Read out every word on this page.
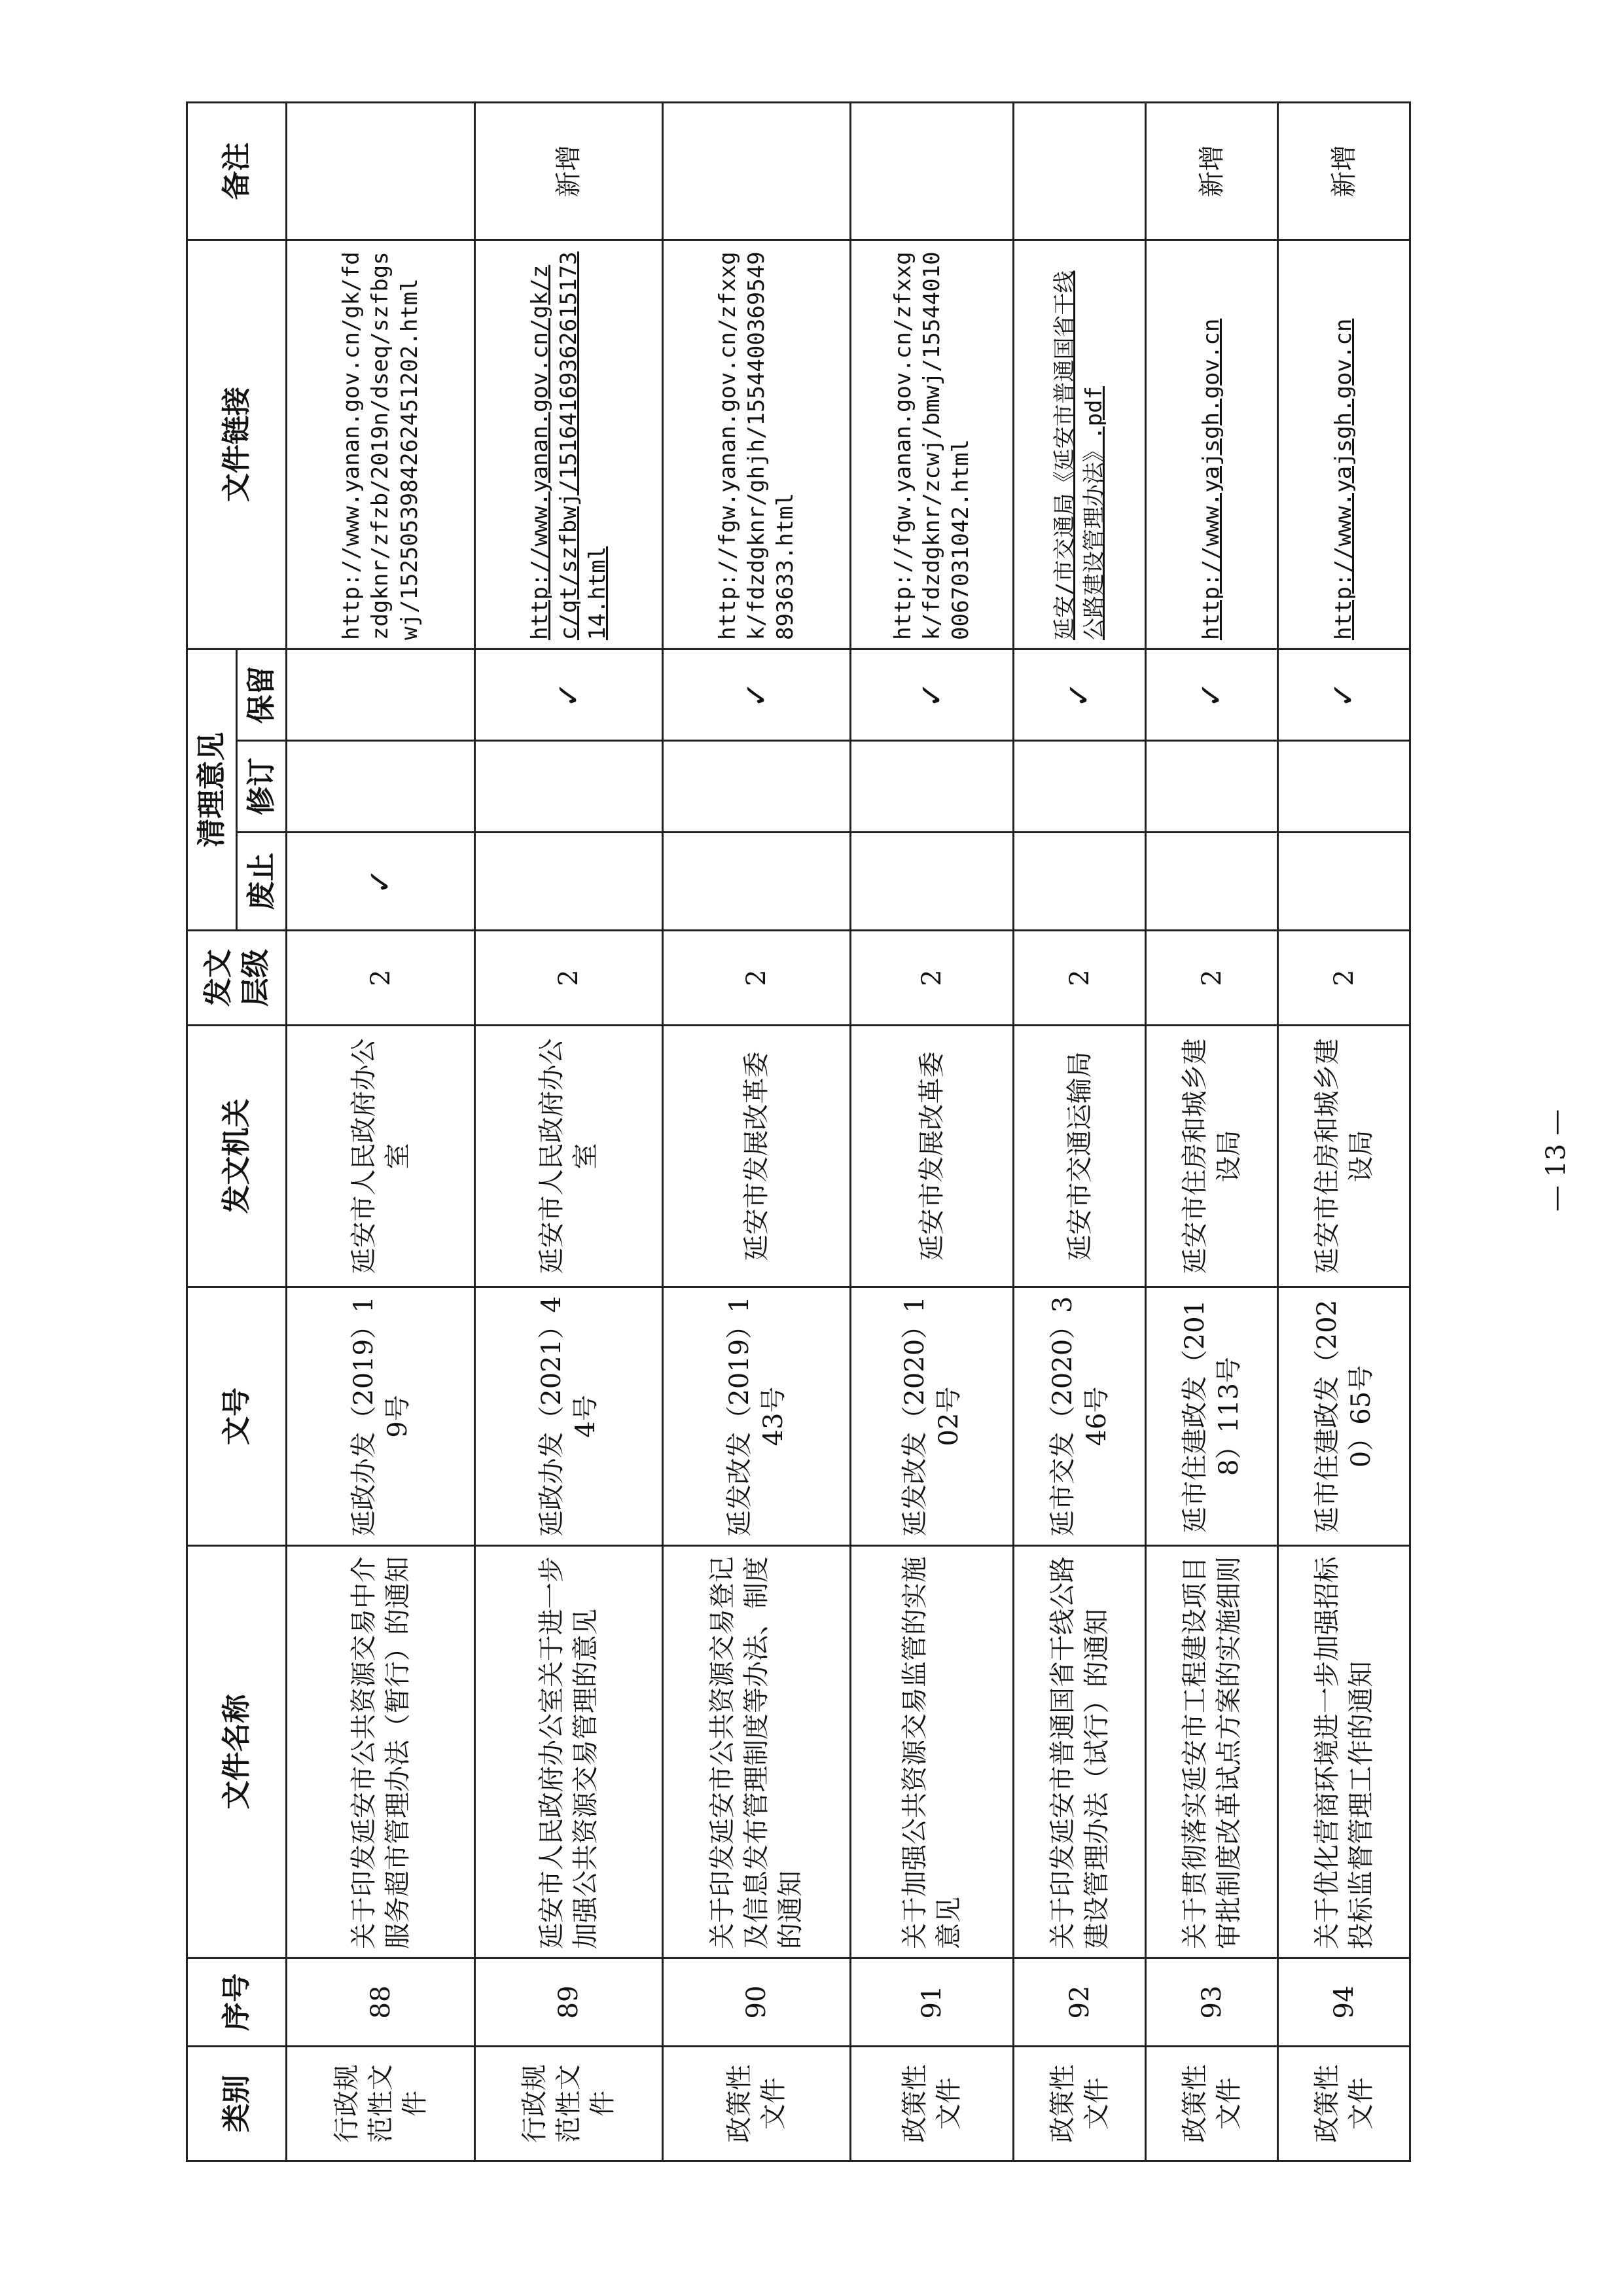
类别	序号	文件名称	文号	发文机关	发文层级	清理意见			文件链接	备注
						废止	修订	保留		
行政规范性文件	88	关于印发延安市公共资源交易中介服务超市管理办法（暂行）的通知	延政办发（2019）19号	延安市人民政府办公室	2	✓			http://www.yanan.gov.cn/gk/fdzdgknr/zfzb/2019n/dseq/szfbgswj/1525053984262451202.html	
行政规范性文件	89	延安市人民政府办公室关于进一步加强公共资源交易管理的意见	延政办发（2021）44号	延安市人民政府办公室	2			✓	http://www.yanan.gov.cn/gk/zc/qt/szfbwj/1516416936261517314.html	新增
政策性文件	90	关于印发延安市公共资源交易登记及信息发布管理制度等办法、制度的通知	延发改发（2019）143号	延安市发展改革委	2			✓	http://fgw.yanan.gov.cn/zfxxgk/fdzdgknr/ghjh/1554400369549893633.html	
政策性文件	91	关于加强公共资源交易监管的实施意见	延发改发（2020）102号	延安市发展改革委	2			✓	http://fgw.yanan.gov.cn/zfxxgk/fdzdgknr/zcwj/bmwj/155440100067031042.html	
政策性文件	92	关于印发延安市普通国省干线公路建设管理办法（试行）的通知	延市交发（2020）346号	延安市交通运输局	2			✓	延安/市交通局《延安市普通国省干线公路建设管理办法》.pdf	
政策性文件	93	关于贯彻落实延安市工程建设项目审批制度改革试点方案的实施细则	延市住建政发（2018）113号	延安市住房和城乡建设局	2			✓	http://www.yajsgh.gov.cn	新增
政策性文件	94	关于优化营商环境进一步加强招标投标监督管理工作的通知	延市住建政发（2020）65号	延安市住房和城乡建设局	2			✓	http://www.yajsgh.gov.cn	新增
— 13 —
